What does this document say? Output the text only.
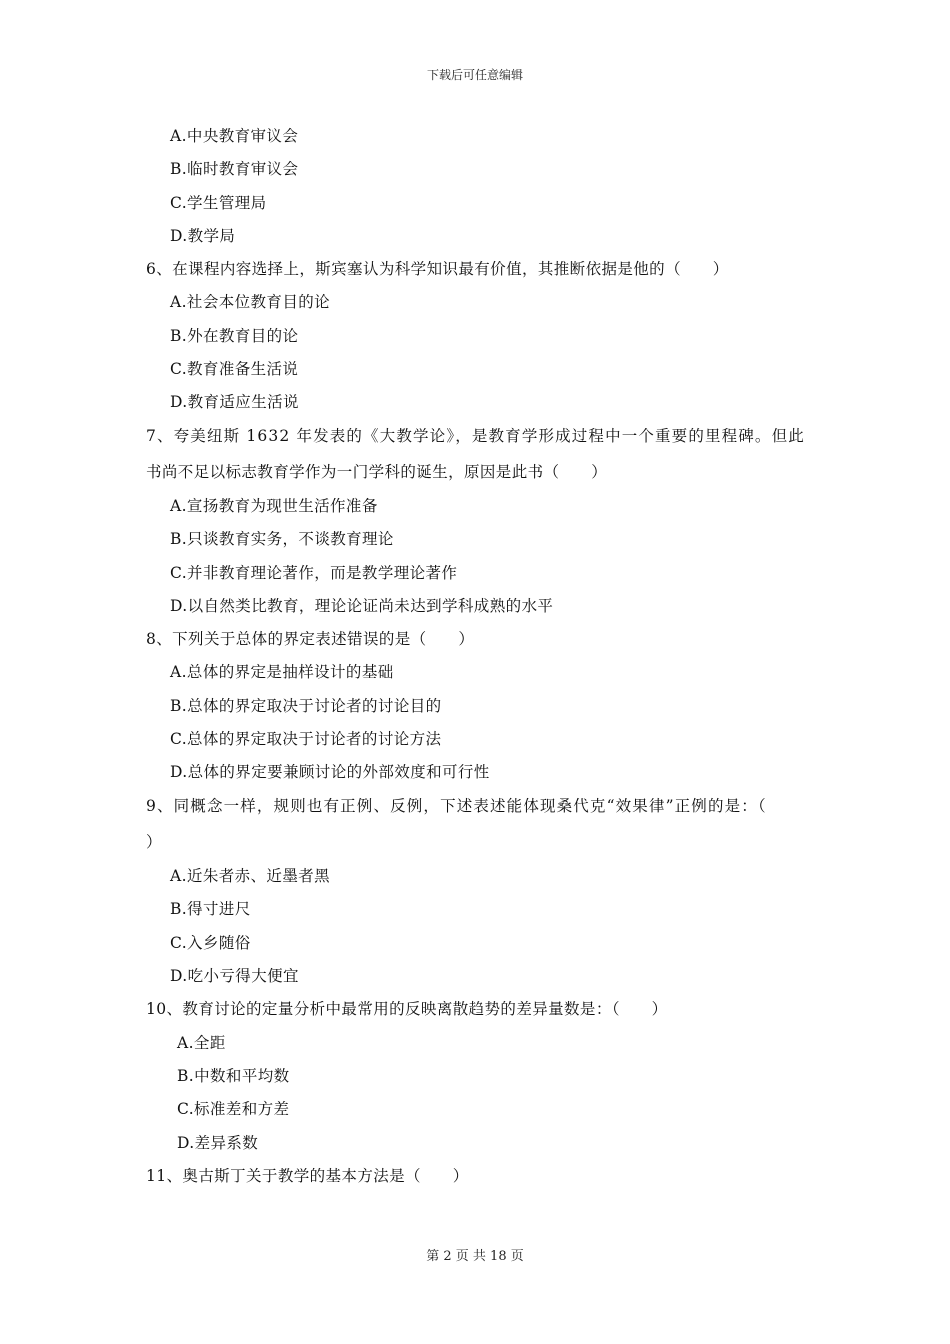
下载后可任意编辑
A.中央教育审议会
B.临时教育审议会
C.学生管理局
D.教学局
6、在课程内容选择上，斯宾塞认为科学知识最有价值，其推断依据是他的（　　）
A.社会本位教育目的论
B.外在教育目的论
C.教育准备生活说
D.教育适应生活说
7、夸美纽斯 1632 年发表的《大教学论》，是教育学形成过程中一个重要的里程碑。但此
书尚不足以标志教育学作为一门学科的诞生，原因是此书（　　）
A.宣扬教育为现世生活作准备
B.只谈教育实务，不谈教育理论
C.并非教育理论著作，而是教学理论著作
D.以自然类比教育，理论论证尚未达到学科成熟的水平
8、下列关于总体的界定表述错误的是（　　）
A.总体的界定是抽样设计的基础
B.总体的界定取决于讨论者的讨论目的
C.总体的界定取决于讨论者的讨论方法
D.总体的界定要兼顾讨论的外部效度和可行性
9、同概念一样，规则也有正例、反例，下述表述能体现桑代克“效果律”正例的是：（
）
A.近朱者赤、近墨者黑
B.得寸进尺
C.入乡随俗
D.吃小亏得大便宜
10、教育讨论的定量分析中最常用的反映离散趋势的差异量数是：（　　）
A.全距
B.中数和平均数
C.标准差和方差
D.差异系数
11、奥古斯丁关于教学的基本方法是（　　）
第 2 页 共 18 页
